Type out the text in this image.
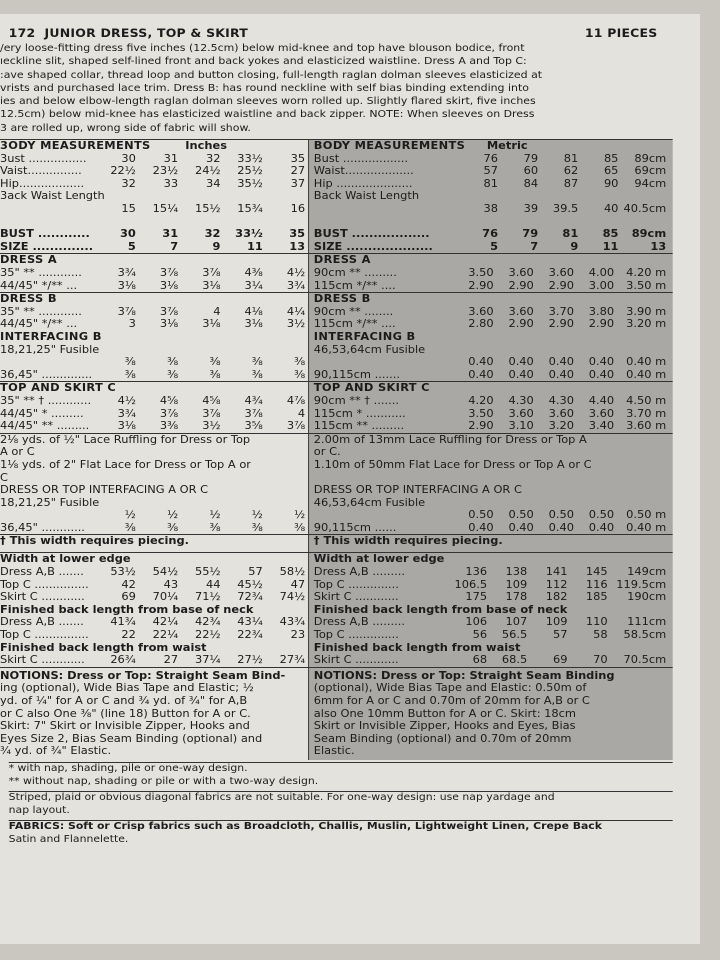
172 JUNIOR DRESS, TOP & SKIRT	11 PIECES
/ery loose-fitting dress five inches (12.5cm) below mid-knee and top have blouson bodice, front
ıeckline slit, shaped self-lined front and back yokes and elasticized waistline. Dress A and Top C:
:ave shaped collar, thread loop and button closing, full-length raglan dolman sleeves elasticized at
vrists and purchased lace trim. Dress B: has round neckline with self bias binding extending into
ies and below elbow-length raglan dolman sleeves worn rolled up. Slightly flared skirt, five inches
12.5cm) below mid-knee has elasticized waistline and back zipper. NOTE: When sleeves on Dress
3 are rolled up, wrong side of fabric will show.
3ODY MEASUREMENTS	Inches
3ust ................	30	31	32	33½	35
Vaist...............	22½	23½	24½	25½	27
Hip..................	32	33	34	35½	37
3ack Waist Length
15	15¼	15½	15¾	16
BUST ............	30	31	32	33½	35
SIZE ..............	5	7	9	11	13
BODY MEASUREMENTS Metric
Bust ..................	76	79	81	85	89cm
Waist...................	57	60	62	65	69cm
Hip .....................	81	84	87	90	94cm
Back Waist Length
38	39	39.5	40 40.5cm
BUST ..................	76	79	81	85	89cm
SIZE ....................	5	7	9	11	13
DRESS A
35" ** ............	3¾	3⅞	3⅞	4⅜	4½
44/45" */** ...	3⅛	3⅛	3⅛	3¼	3¾
DRESS A
90cm ** .........	3.50	3.60	3.60	4.00	4.20 m
115cm */** ....	2.90	2.90	2.90	3.00	3.50 m
DRESS B
35" ** ............	3⅞	3⅞	4	4⅛	4¼
44/45" */** ...	3	3⅛	3⅛	3⅛	3½
INTERFACING B
18,21,25" Fusible
⅜	⅜	⅜	⅜	⅜
36,45" ..............	⅜	⅜	⅜	⅜	⅜
DRESS B
90cm ** ........	3.60	3.60	3.70	3.80	3.90 m
115cm */** ....	2.80	2.90	2.90	2.90	3.20 m
INTERFACING B
46,53,64cm Fusible
0.40	0.40	0.40	0.40	0.40 m
90,115cm .......	0.40	0.40	0.40	0.40	0.40 m
TOP AND SKIRT C
35" ** † ............	4½	4⅝	4⅝	4¾	4⅞
44/45" * .........	3¾	3⅞	3⅞	3⅞	4
44/45" ** .........	3⅛	3⅜	3½	3⅝	3⅞
TOP AND SKIRT C
90cm ** † .......	4.20	4.30	4.30	4.40	4.50 m
115cm * ...........	3.50	3.60	3.60	3.60	3.70 m
115cm ** .........	2.90	3.10	3.20	3.40	3.60 m
2⅛ yds. of ½" Lace Ruffling for Dress or Top
A or C
1⅛ yds. of 2" Flat Lace for Dress or Top A or
C
2.00m of 13mm Lace Ruffling for Dress or Top A
or C.
1.10m of 50mm Flat Lace for Dress or Top A or C
DRESS OR TOP INTERFACING A OR C
18,21,25" Fusible
½	½	½	½	½
36,45" ............	⅜	⅜	⅜	⅜	⅜
DRESS OR TOP INTERFACING A OR C
46,53,64cm Fusible
0.50	0.50	0.50	0.50	0.50 m
90,115cm ......	0.40	0.40	0.40	0.40	0.40 m
† This width requires piecing.	† This width requires piecing.
Width at lower edge
Dress A,B .......	53½	54½	55½	57	58½
Top C ...............	42	43	44	45½	47
Skirt C ............	69	70¼	71½	72¾	74½
Finished back length from base of neck
Dress A,B .......	41¾	42¼	42¾	43¼	43¾
Top C ...............	22	22¼	22½	22¾	23
Finished back length from waist
Skirt C ............	26¾	27	37¼	27½	27¾
Width at lower edge
Dress A,B .........	136	138	141	145	149cm
Top C ..............	106.5	109	112	116 119.5cm
Skirt C ............	175	178	182	185	190cm
Finished back length from base of neck
Dress A,B .........	106	107	109	110	111cm
Top C ..............	56	56.5	57	58	58.5cm
Finished back length from waist
Skirt C ............	68	68.5	69	70	70.5cm
NOTIONS: Dress or Top: Straight Seam Bind-
ing (optional), Wide Bias Tape and Elastic; ½
yd. of ¼" for A or C and ¾ yd. of ¾" for A,B
or C also One ⅜" (line 18) Button for A or C.
Skirt: 7" Skirt or Invisible Zipper, Hooks and
Eyes Size 2, Bias Seam Binding (optional) and
¾ yd. of ¾" Elastic.
NOTIONS: Dress or Top: Straight Seam Binding
(optional), Wide Bias Tape and Elastic: 0.50m of
6mm for A or C and 0.70m of 20mm for A,B or C
also One 10mm Button for A or C. Skirt: 18cm
Skirt or Invisible Zipper, Hooks and Eyes, Bias
Seam Binding (optional) and 0.70m of 20mm
Elastic.
* with nap, shading, pile or one-way design.
** without nap, shading or pile or with a two-way design.
Striped, plaid or obvious diagonal fabrics are not suitable. For one-way design: use nap yardage and
nap layout.
FABRICS: Soft or Crisp fabrics such as Broadcloth, Challis, Muslin, Lightweight Linen, Crepe Back
Satin and Flannelette.
